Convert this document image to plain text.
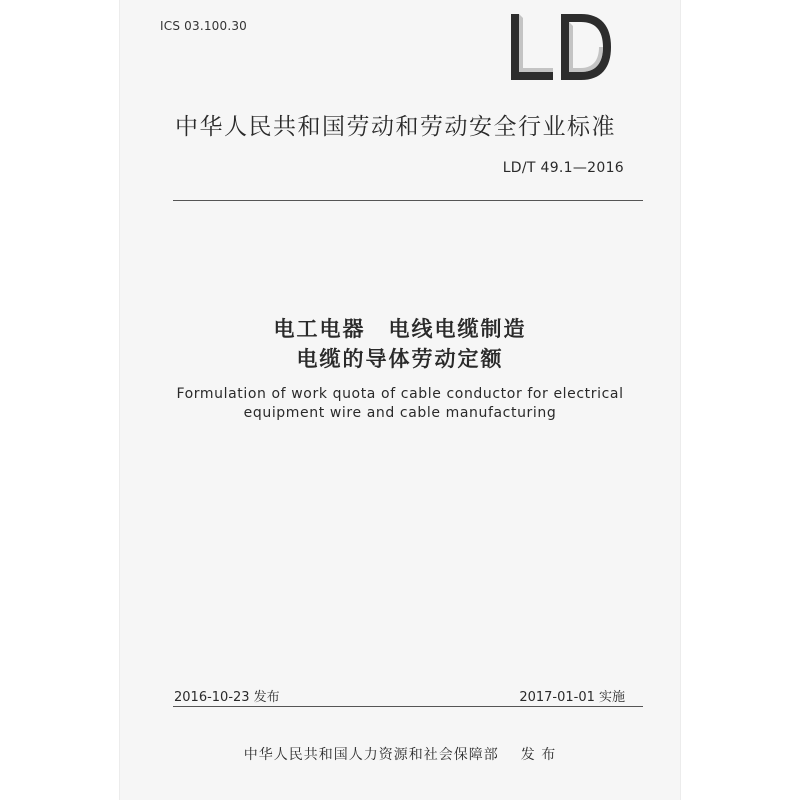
ICS 03.100.30
中华人民共和国劳动和劳动安全行业标准
LD/T 49.1—2016
电工电器　电线电缆制造
电缆的导体劳动定额
Formulation of work quota of cable conductor for electrical
equipment wire and cable manufacturing
2016-10-23 发布	2017-01-01 实施
中华人民共和国人力资源和社会保障部 发 布
